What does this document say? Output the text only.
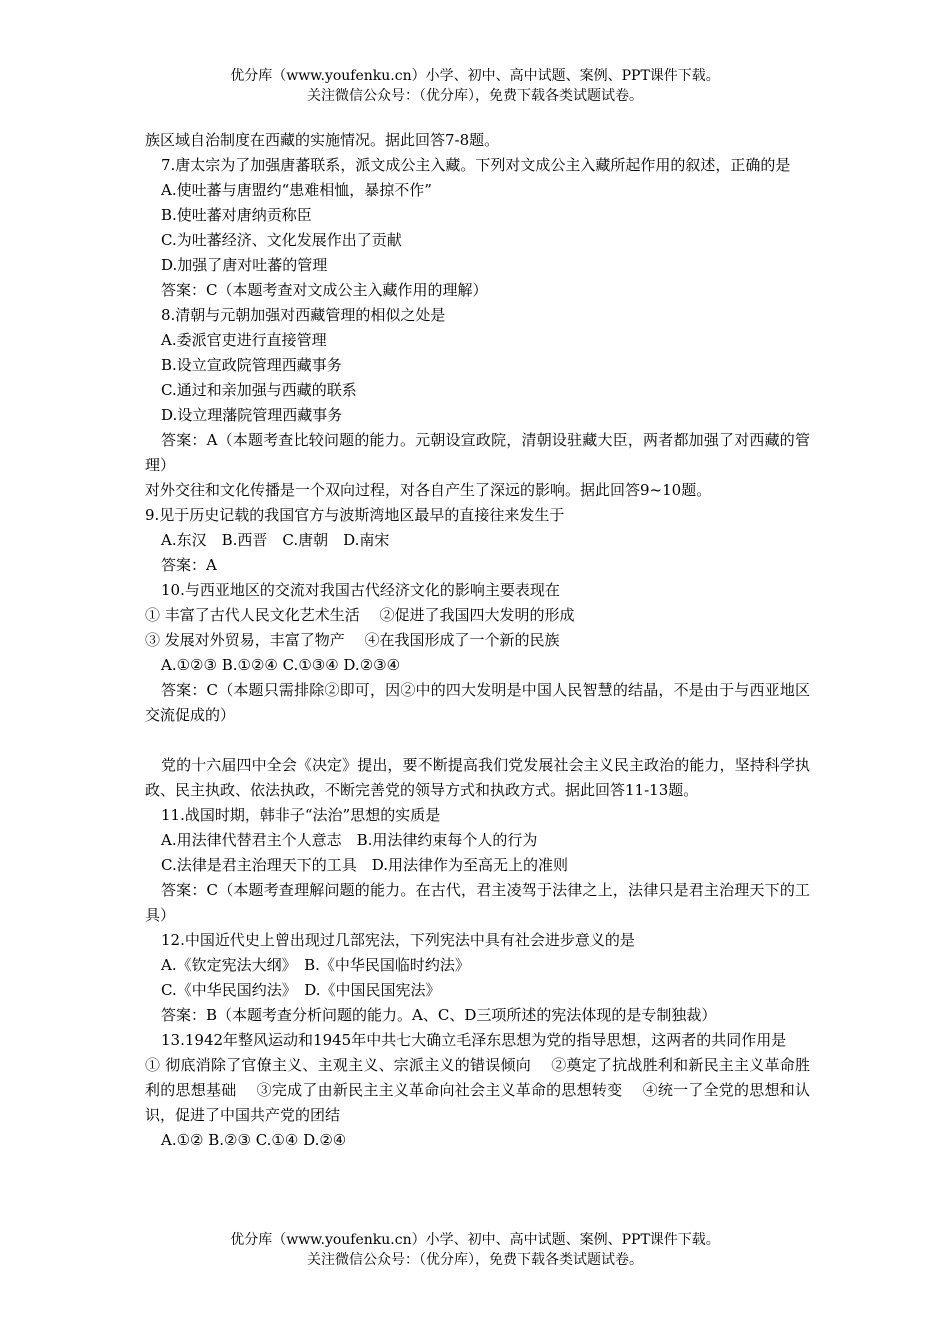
优分库（www.youfenku.cn）小学、初中、高中试题、案例、PPT课件下载。
关注微信公众号：（优分库），免费下载各类试题试卷。

族区域自治制度在西藏的实施情况。据此回答7-8题。

7.唐太宗为了加强唐蕃联系，派文成公主入藏。下列对文成公主入藏所起作用的叙述，正确的是

A.使吐蕃与唐盟约“患难相恤，暴掠不作”

B.使吐蕃对唐纳贡称臣

C.为吐蕃经济、文化发展作出了贡献

D.加强了唐对吐蕃的管理

答案：C（本题考查对文成公主入藏作用的理解）

8.清朝与元朝加强对西藏管理的相似之处是

A.委派官吏进行直接管理

B.设立宣政院管理西藏事务

C.通过和亲加强与西藏的联系

D.设立理藩院管理西藏事务

答案：A（本题考查比较问题的能力。元朝设宣政院，清朝设驻藏大臣，两者都加强了对西藏的管理）

对外交往和文化传播是一个双向过程，对各自产生了深远的影响。据此回答9~10题。

9.见于历史记载的我国官方与波斯湾地区最早的直接往来发生于

A.东汉　B.西晋　C.唐朝　D.南宋

答案：A

10.与西亚地区的交流对我国古代经济文化的影响主要表现在

① 丰富了古代人民文化艺术生活　 ②促进了我国四大发明的形成

③ 发展对外贸易，丰富了物产　 ④在我国形成了一个新的民族

A.①②③ B.①②④ C.①③④ D.②③④

答案：C（本题只需排除②即可，因②中的四大发明是中国人民智慧的结晶，不是由于与西亚地区交流促成的）

党的十六届四中全会《决定》提出，要不断提高我们党发展社会主义民主政治的能力，坚持科学执政、民主执政、依法执政，不断完善党的领导方式和执政方式。据此回答11-13题。

11.战国时期，韩非子“法治”思想的实质是

A.用法律代替君主个人意志　B.用法律约束每个人的行为

C.法律是君主治理天下的工具　D.用法律作为至高无上的准则

答案：C（本题考查理解问题的能力。在古代，君主凌驾于法律之上，法律只是君主治理天下的工具）

12.中国近代史上曾出现过几部宪法，下列宪法中具有社会进步意义的是

A.《钦定宪法大纲》　B.《中华民国临时约法》

C.《中华民国约法》　D.《中国民国宪法》

答案：B（本题考查分析问题的能力。A、C、D三项所述的宪法体现的是专制独裁）

13.1942年整风运动和1945年中共七大确立毛泽东思想为党的指导思想，这两者的共同作用是

① 彻底消除了官僚主义、主观主义、宗派主义的错误倾向　 ②奠定了抗战胜利和新民主主义革命胜利的思想基础　 ③完成了由新民主主义革命向社会主义革命的思想转变　 ④统一了全党的思想和认识，促进了中国共产党的团结

A.①② B.②③ C.①④ D.②④

优分库（www.youfenku.cn）小学、初中、高中试题、案例、PPT课件下载。
关注微信公众号：（优分库），免费下载各类试题试卷。
